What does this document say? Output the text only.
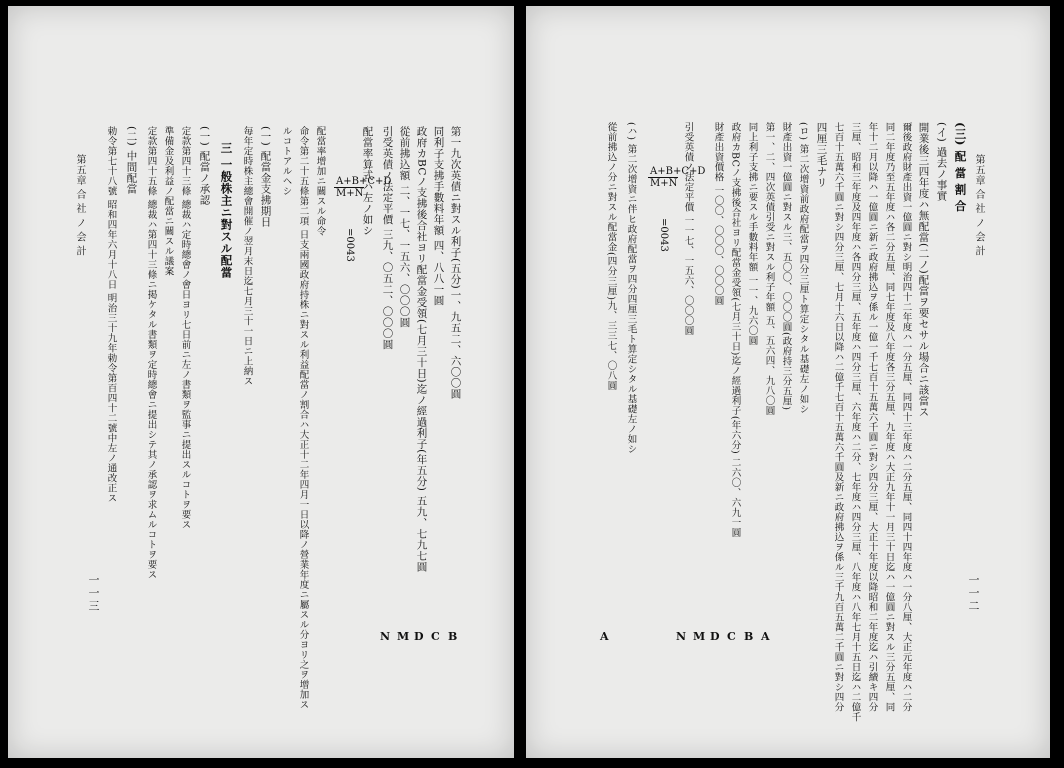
第五章 合 社 ノ 会 計
一一三
第一九次英債ニ對スル利子(五分)一、九五二、六〇〇圓
同利子支拂手數料年額 四、八八一圓
政府カBCノ支拂後合社ヨリ配當金受領(七月三十日)迄ノ經過利子(年五分) 五九、七九七圓
從前拂込額 二、一七、一五六、〇〇〇圓
引受英債ノ法定平價 三九、〇五二、〇〇〇圓
配當率算式ハ左ノ如シ
$\frac{A+B+C+D}{M+N}$
=0043
配當率增加ニ關スル命令
命令第二十五條第二項 日支兩國政府持株ニ對スル利益配當ノ割合ハ大正十二年四月一日以降ノ營業年度ニ屬スル分ヨリ之ヲ增加ス
ルコトアルヘシ
(一) 配當金支拂期日
毎年定時株主總會開催ノ翌月末日迄七月三十一日ニ上納ス
三 一般株主ニ對スル配當
(一) 配當ノ承認
定款第四十三條 總裁ハ定時總會ノ會日ヨリ七日前ニ左ノ書類ヲ監事ニ提出スルコトヲ要ス
準備金及利益ノ配當ニ關スル議案
定款第四十五條 總裁ハ第四十三條ニ掲ケタル書類ヲ定時總會ニ提出シテ其ノ承認ヲ求ムルコトヲ要ス
(二) 中間配當
勅令第七十八號 昭和四年六月十八日 明治三十九年勅令第百四十二號中左ノ通改正ス
N M D C B
第五章 合 社 ノ 会 計
一一二
(三) 配 當 割 合
(イ) 過去ノ事實
開業後三四年度ハ無配當(二ノ)配當ヲ要セサル場合ニ該當ス
爾後政府財產出資一億圓ニ對シ明治四十二年度ハ一分五厘、同四十三年度ハ二分五厘、同四十四年度ハ一分八厘、大正元年度ハ二分
同二年度乃至五年度ハ各二分五厘、同七年度及八年度各三分五厘、九年度ハ大正九年十一月三十日迄ハ一億圓ニ對スル三分五厘、同
年十二月以降ハ一億圓ニ新ニ政府拂込ヲ係ル一億一千七百十五萬六千圓ニ對シ四分三厘、大正十年度以降昭和二年度迄ハ引續キ四分
三厘、昭和三年度及四年度ハ各四分三厘、五年度ハ四分三厘、六年度ハ二分、七年度ハ四分三厘、八年度ハ八年七月十五日迄ハ二億千
七百十五萬六千圓ニ對シ四分三厘、七月十六日以降ハ二億千七百十五萬六千圓及新ニ政府拂込ヲ係ル三千九百五萬二千圓ニ對シ四分
四厘三毛ナリ
(ロ) 第二次增資前政府配當ヲ四分三厘ト算定シタル基礎左ノ如シ
財產出資一億圓ニ對スル三、五〇〇、〇〇〇圓(政府持三分五厘)
第一、二、四次英債引受ニ對スル利子年額 五、五六四、九八〇圓
同上利子支拂ニ要スル手數料年額 一一、九六〇圓
政府カBCノ支拂後合社ヨリ配當金受領(七月三十日)迄ノ經過利子(年六分) 二六〇、六九一圓
財產出資價格 一〇〇、〇〇〇、〇〇〇圓
引受英債ノ法定平價 一一七、一五六、〇〇〇圓
$\frac{A+B+C+D}{M+N}$
=0043
(ハ) 第二次增資ニ伴ヒ政府配當ヲ四分四厘三毛ト算定シタル基礎左ノ如シ
從前拂込ノ分ニ對スル配當金(四分三厘)九、三三七、〇八圓
A	N M D C B A
